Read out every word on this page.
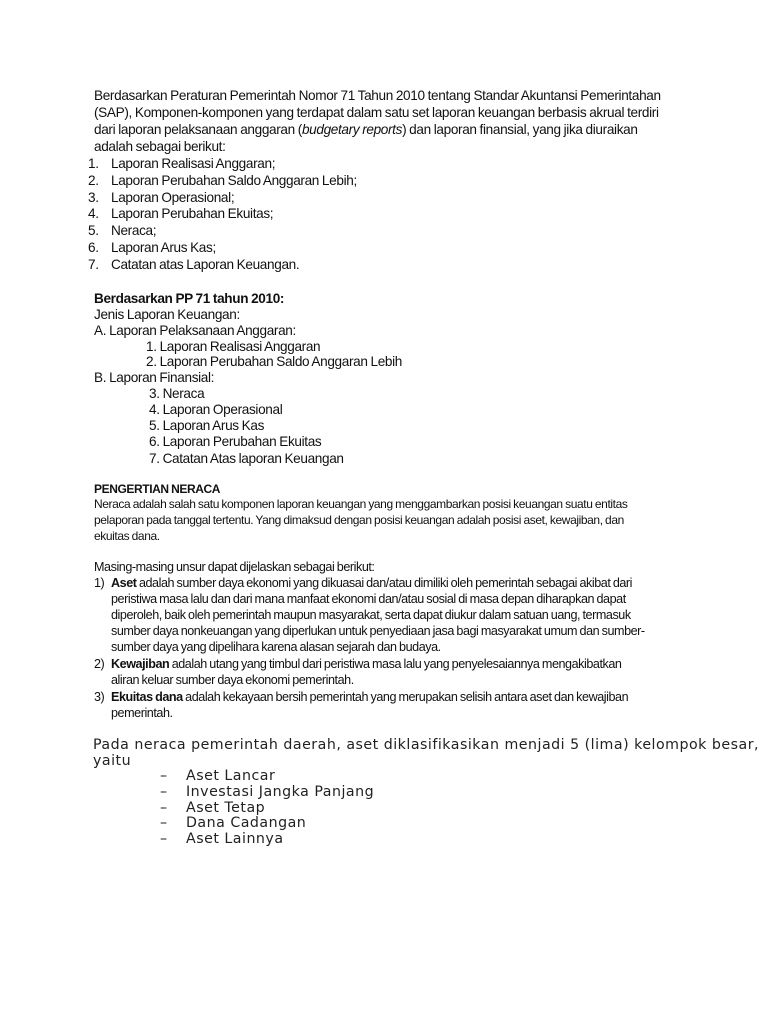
Berdasarkan Peraturan Pemerintah Nomor 71 Tahun 2010 tentang Standar Akuntansi Pemerintahan
(SAP), Komponen-komponen yang terdapat dalam satu set laporan keuangan berbasis akrual terdiri
dari laporan pelaksanaan anggaran (budgetary reports) dan laporan finansial, yang jika diuraikan
adalah sebagai berikut:
1. Laporan Realisasi Anggaran;
2. Laporan Perubahan Saldo Anggaran Lebih;
3. Laporan Operasional;
4. Laporan Perubahan Ekuitas;
5. Neraca;
6. Laporan Arus Kas;
7. Catatan atas Laporan Keuangan.
Berdasarkan PP 71 tahun 2010:
Jenis Laporan Keuangan:
A. Laporan Pelaksanaan Anggaran:
1. Laporan Realisasi Anggaran
2. Laporan Perubahan Saldo Anggaran Lebih
B. Laporan Finansial:
3. Neraca
4. Laporan Operasional
5. Laporan Arus Kas
6. Laporan Perubahan Ekuitas
7. Catatan Atas laporan Keuangan
PENGERTIAN NERACA
Neraca adalah salah satu komponen laporan keuangan yang menggambarkan posisi keuangan suatu entitas
pelaporan pada tanggal tertentu. Yang dimaksud dengan posisi keuangan adalah posisi aset, kewajiban, dan
ekuitas dana.
Masing-masing unsur dapat dijelaskan sebagai berikut:
1) Aset adalah sumber daya ekonomi yang dikuasai dan/atau dimiliki oleh pemerintah sebagai akibat dari
peristiwa masa lalu dan dari mana manfaat ekonomi dan/atau sosial di masa depan diharapkan dapat
diperoleh, baik oleh pemerintah maupun masyarakat, serta dapat diukur dalam satuan uang, termasuk
sumber daya nonkeuangan yang diperlukan untuk penyediaan jasa bagi masyarakat umum dan sumber-
sumber daya yang dipelihara karena alasan sejarah dan budaya.
2) Kewajiban adalah utang yang timbul dari peristiwa masa lalu yang penyelesaiannya mengakibatkan
aliran keluar sumber daya ekonomi pemerintah.
3) Ekuitas dana adalah kekayaan bersih pemerintah yang merupakan selisih antara aset dan kewajiban
pemerintah.
Pada neraca pemerintah daerah, aset diklasifikasikan menjadi 5 (lima) kelompok besar,
yaitu
– Aset Lancar
– Investasi Jangka Panjang
– Aset Tetap
– Dana Cadangan
– Aset Lainnya
